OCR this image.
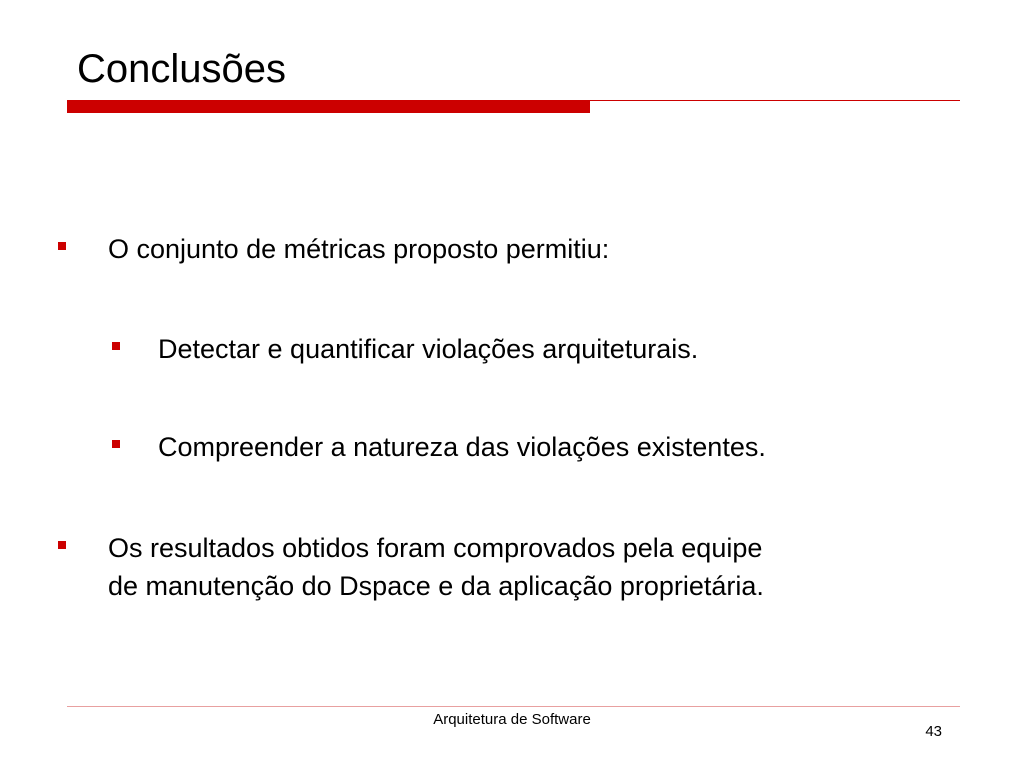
Conclusões
O conjunto de métricas proposto permitiu:
Detectar e quantificar violações arquiteturais.
Compreender a natureza das violações existentes.
Os resultados obtidos foram comprovados pela equipe
de manutenção do Dspace e da aplicação proprietária.
Arquitetura de Software
43
